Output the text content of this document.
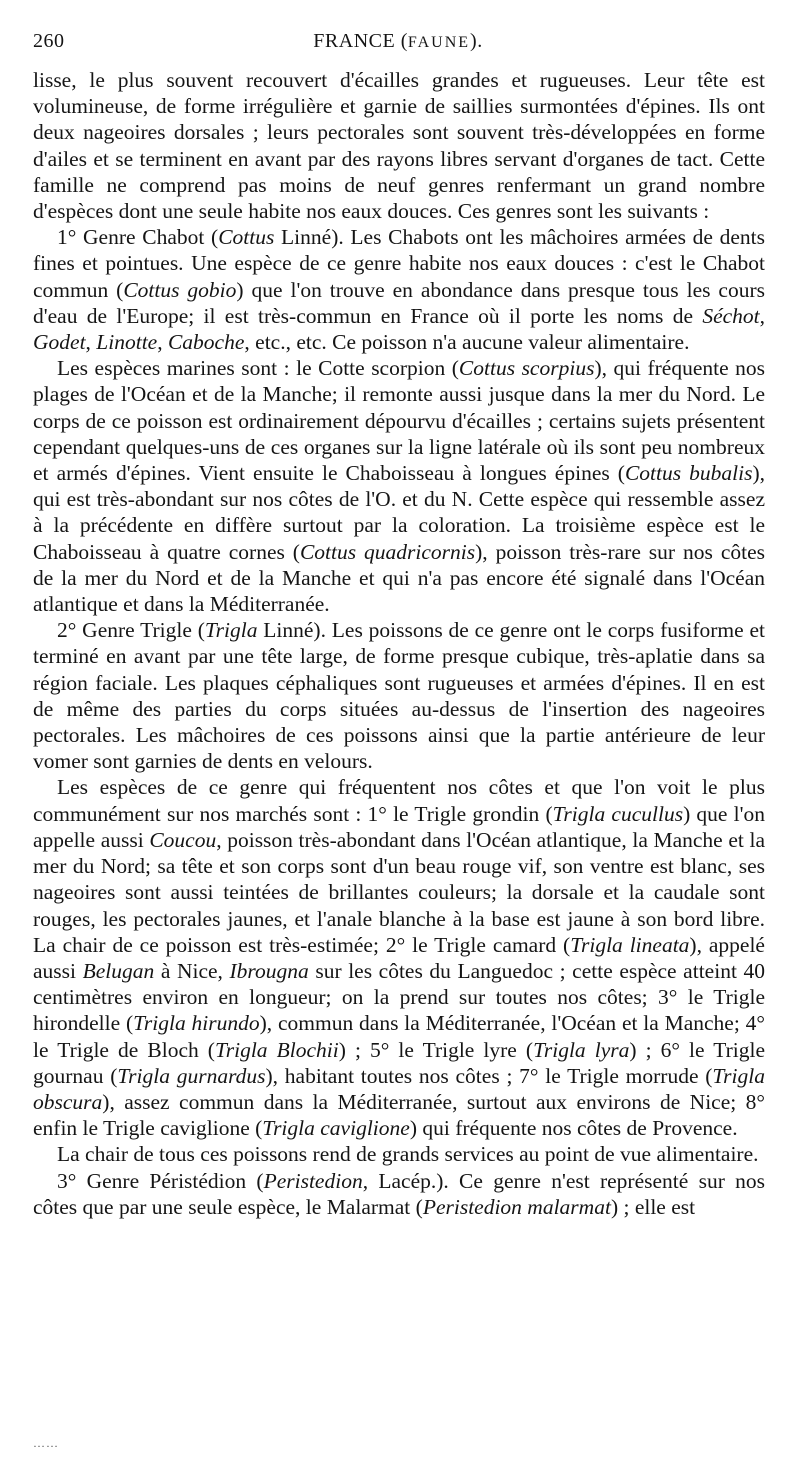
260	FRANCE (FAUNE).

lisse, le plus souvent recouvert d'écailles grandes et rugueuses. Leur tête est volumineuse, de forme irrégulière et garnie de saillies surmontées d'épines. Ils ont deux nageoires dorsales ; leurs pectorales sont souvent très-développées en forme d'ailes et se terminent en avant par des rayons libres servant d'organes de tact. Cette famille ne comprend pas moins de neuf genres renfermant un grand nombre d'espèces dont une seule habite nos eaux douces. Ces genres sont les suivants :

1° Genre Chabot (Cottus Linné). Les Chabots ont les mâchoires armées de dents fines et pointues. Une espèce de ce genre habite nos eaux douces : c'est le Chabot commun (Cottus gobio) que l'on trouve en abondance dans presque tous les cours d'eau de l'Europe; il est très-commun en France où il porte les noms de Séchot, Godet, Linotte, Caboche, etc., etc. Ce poisson n'a aucune valeur alimentaire.

Les espèces marines sont : le Cotte scorpion (Cottus scorpius), qui fréquente nos plages de l'Océan et de la Manche; il remonte aussi jusque dans la mer du Nord. Le corps de ce poisson est ordinairement dépourvu d'écailles ; certains sujets présentent cependant quelques-uns de ces organes sur la ligne latérale où ils sont peu nombreux et armés d'épines. Vient ensuite le Chaboisseau à longues épines (Cottus bubalis), qui est très-abondant sur nos côtes de l'O. et du N. Cette espèce qui ressemble assez à la précédente en diffère surtout par la coloration. La troisième espèce est le Chaboisseau à quatre cornes (Cottus quadricornis), poisson très-rare sur nos côtes de la mer du Nord et de la Manche et qui n'a pas encore été signalé dans l'Océan atlantique et dans la Méditerranée.

2° Genre Trigle (Trigla Linné). Les poissons de ce genre ont le corps fusiforme et terminé en avant par une tête large, de forme presque cubique, très-aplatie dans sa région faciale. Les plaques céphaliques sont rugueuses et armées d'épines. Il en est de même des parties du corps situées au-dessus de l'insertion des nageoires pectorales. Les mâchoires de ces poissons ainsi que la partie antérieure de leur vomer sont garnies de dents en velours.

Les espèces de ce genre qui fréquentent nos côtes et que l'on voit le plus communément sur nos marchés sont : 1° le Trigle grondin (Trigla cucullus) que l'on appelle aussi Coucou, poisson très-abondant dans l'Océan atlantique, la Manche et la mer du Nord; sa tête et son corps sont d'un beau rouge vif, son ventre est blanc, ses nageoires sont aussi teintées de brillantes couleurs; la dorsale et la caudale sont rouges, les pectorales jaunes, et l'anale blanche à la base est jaune à son bord libre. La chair de ce poisson est très-estimée; 2° le Trigle camard (Trigla lineata), appelé aussi Belugan à Nice, Ibrougna sur les côtes du Languedoc ; cette espèce atteint 40 centimètres environ en longueur; on la prend sur toutes nos côtes; 3° le Trigle hirondelle (Trigla hirundo), commun dans la Méditerranée, l'Océan et la Manche; 4° le Trigle de Bloch (Trigla Blochii) ; 5° le Trigle lyre (Trigla lyra) ; 6° le Trigle gournau (Trigla gurnardus), habitant toutes nos côtes ; 7° le Trigle morrude (Trigla obscura), assez commun dans la Méditerranée, surtout aux environs de Nice; 8° enfin le Trigle caviglione (Trigla caviglione) qui fréquente nos côtes de Provence.

La chair de tous ces poissons rend de grands services au point de vue alimentaire.

3° Genre Péristédion (Peristedion, Lacép.). Ce genre n'est représenté sur nos côtes que par une seule espèce, le Malarmat (Peristedion malarmat) ; elle est

……
